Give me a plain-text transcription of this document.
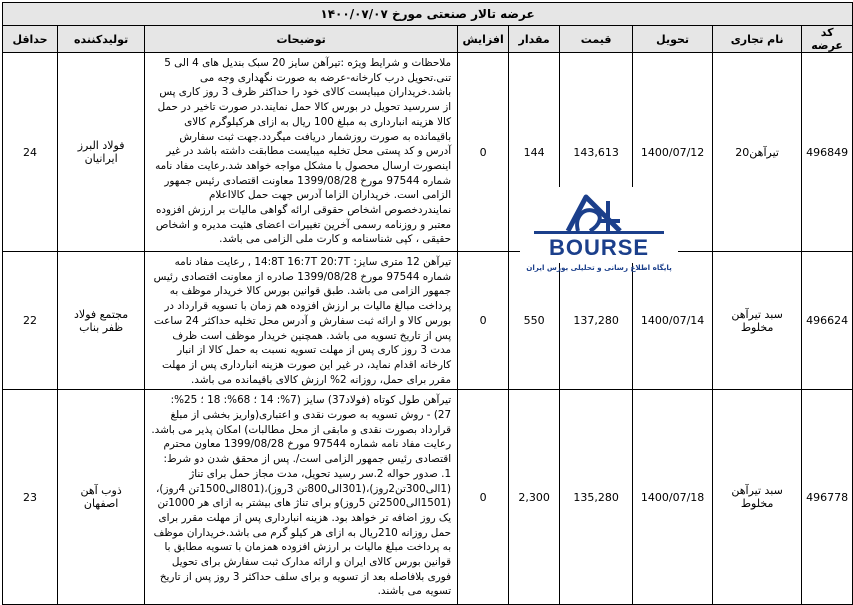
عرضه تالار صنعتی مورخ ۱۴۰۰/۰۷/۰۷								
کد عرضه	نام تجاری	تحویل	قیمت	مقدار	افزایش	توضیحات	تولیدکننده	حداقل
496849	تیرآهن20	1400/07/12	143,613	144	0	ملاحظات و شرایط ویژه :تیرآهن سایز 20 سبک بندیل های 4 الی 5 تنی.تحویل درب کارخانه-عرضه به صورت نگهداری وجه می باشد.خریداران میبایست کالای خود را حداکثر ظرف 3 روز کاری پس از سررسید تحویل در بورس کالا حمل نمایند.در صورت تاخیر در حمل کالا هزینه انبارداری به مبلغ 100 ریال به ازای هرکیلوگرم کالای باقیمانده به صورت روزشمار دریافت میگردد.جهت ثبت سفارش آدرس و کد پستی محل تخلیه میبایست مطابقت داشته باشد در غیر اینصورت ارسال محصول با مشکل مواجه خواهد شد.رعایت مفاد نامه شماره 97544 مورخ 1399/08/28 معاونت اقتصادی رئیس جمهور الزامی است. خریداران الزاما آدرس جهت حمل کالااعلام نمایندردخصوص اشخاص حقوقی ارائه گواهی مالیات بر ارزش افزوده معتبر و روزنامه رسمی آخرین تغییرات اعضای هئیت مدیره و اشخاص حقیقی ، کپی شناسنامه و کارت ملی الزامی می باشد.	فولاد البرز ایرانیان	24
496624	سبد تیرآهن مخلوط	1400/07/14	137,280	550	0	تیرآهن 12 متری سایز: 14:8T 16:7T 20:7T , رعایت مفاد نامه شماره 97544 مورخ 1399/08/28 صادره از معاونت اقتصادی رئیس جمهور الزامی می باشد. طبق قوانین بورس کالا خریدار موظف به پرداخت مبالغ مالیات بر ارزش افزوده هم زمان با تسویه قرارداد در بورس کالا و ارائه ثبت سفارش و آدرس محل تخلیه حداکثر 24 ساعت پس از تاریخ تسویه می باشد. همچنین خریدار موظف است ظرف مدت 3 روز کاری پس از مهلت تسویه نسبت به حمل کالا از انبار کارخانه اقدام نماید، در غیر این صورت هزینه انبارداری پس از مهلت مقرر برای حمل، روزانه 2% ارزش کالای باقیمانده می باشد.	مجتمع فولاد ظفر بناب	22
496778	سبد تیرآهن مخلوط	1400/07/18	135,280	2,300	0	تیرآهن طول کوتاه (فولاد37) سایز (7%: 14 ؛ 68%: 18 ؛ 25%: 27) - روش تسویه به صورت نقدی و اعتباری(واریز بخشی از مبلغ قرارداد بصورت نقدی و مابقی از محل مطالبات) امکان پذیر می باشد. رعایت مفاد نامه شماره 97544 مورخ 1399/08/28 معاون محترم اقتصادی رئیس جمهور الزامی است/. پس از محقق شدن دو شرط: 1. صدور حواله 2.سر رسید تحویل، مدت مجاز حمل برای تناژ (1الی300تن2روز)،(301الی800تن 3روز)،(801الی1500تن 4روز)،(1501الی2500تن 5روز)و برای تناژ های بیشتر به ازای هر 1000تن یک روز اضافه تر خواهد بود. هزینه انبارداری پس از مهلت مقرر برای حمل روزانه 210ریال به ازای هر کیلو گرم می باشد.خریداران موظف به پرداخت مبلغ مالیات بر ارزش افزوده همزمان با تسویه مطابق با قوانین بورس کالای ایران و ارائه مدارک ثبت سفارش برای تحویل فوری بلافاصله بعد از تسویه و برای سلف حداکثر 3 روز پس از تاریخ تسویه می باشند.	ذوب آهن اصفهان	23
BOURSE
پایگاه اطلاع رسانی و تحلیلی بورس ایران
